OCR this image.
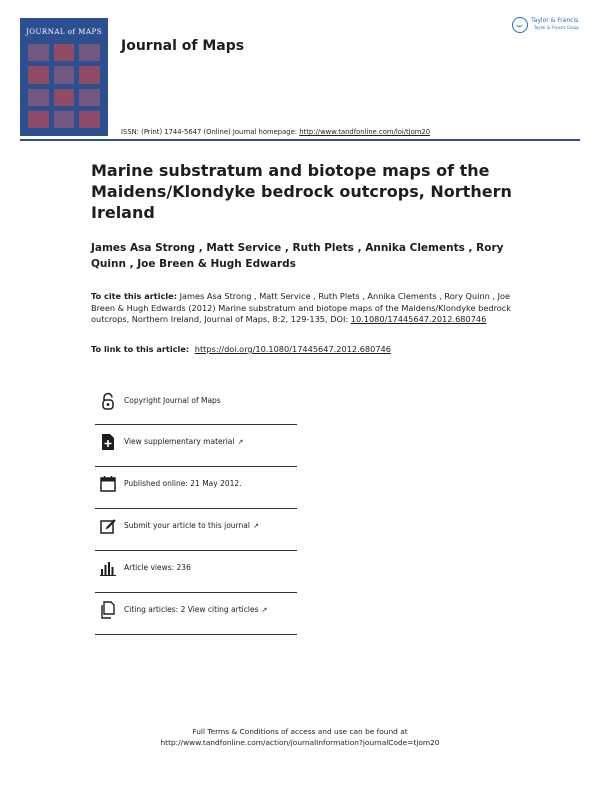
JOURNAL of MAPS
Journal of Maps
Taylor & Francis
Taylor & Francis Group
ISSN: (Print) 1744-5647 (Online) Journal homepage: http://www.tandfonline.com/loi/tjom20
Marine substratum and biotope maps of the Maidens/Klondyke bedrock outcrops, Northern Ireland
James Asa Strong , Matt Service , Ruth Plets , Annika Clements , Rory Quinn , Joe Breen & Hugh Edwards
To cite this article: James Asa Strong , Matt Service , Ruth Plets , Annika Clements , Rory Quinn , Joe Breen & Hugh Edwards (2012) Marine substratum and biotope maps of the Maidens/Klondyke bedrock outcrops, Northern Ireland, Journal of Maps, 8:2, 129-135, DOI: 10.1080/17445647.2012.680746
To link to this article: https://doi.org/10.1080/17445647.2012.680746
Copyright Journal of Maps
View supplementary material ↗
Published online: 21 May 2012.
Submit your article to this journal ↗
Article views: 236
Citing articles: 2 View citing articles ↗
Full Terms & Conditions of access and use can be found at
http://www.tandfonline.com/action/journalInformation?journalCode=tjom20
